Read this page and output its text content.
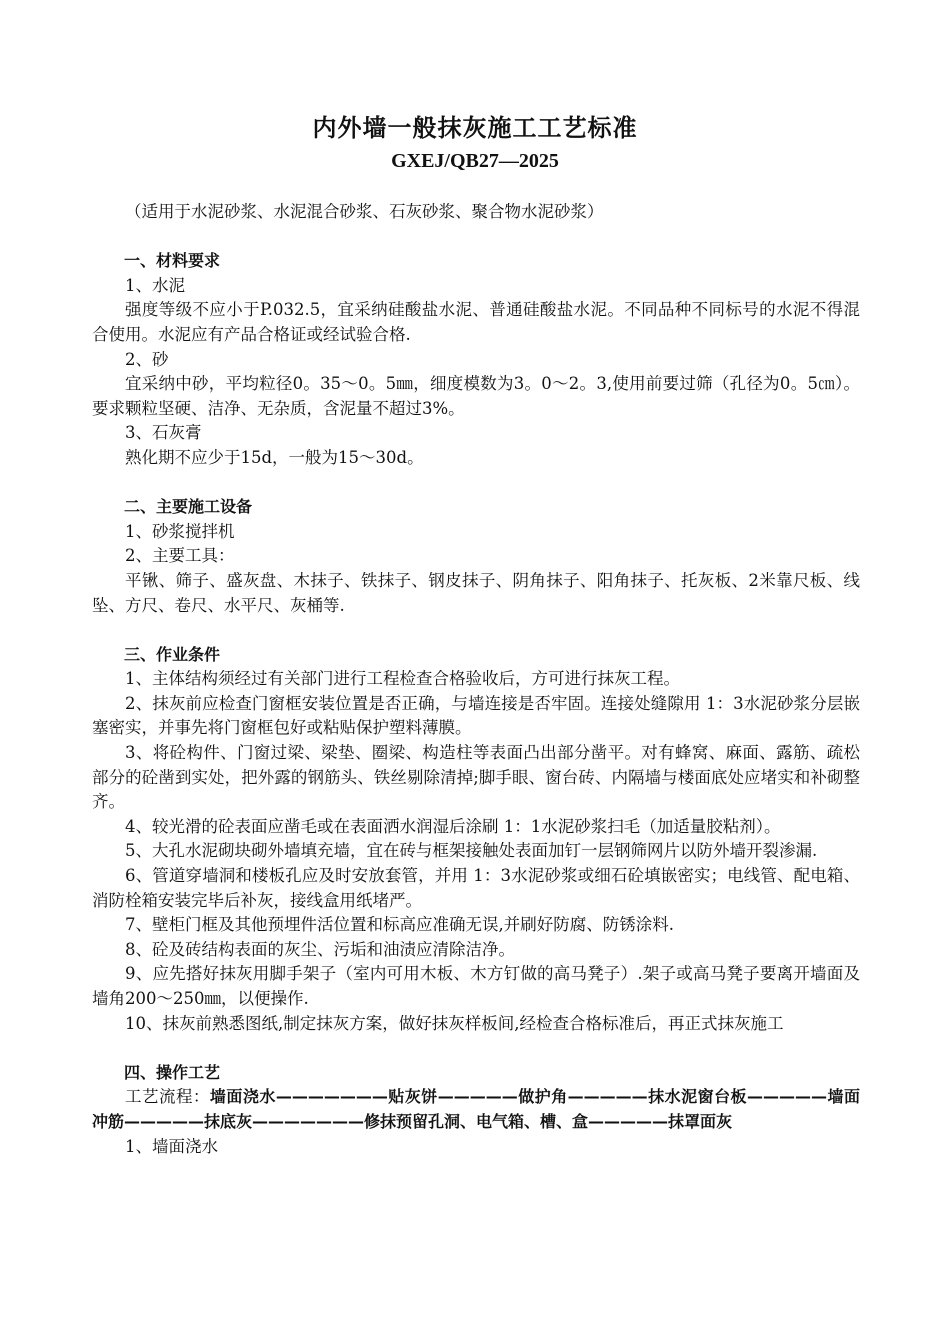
内外墙一般抹灰施工工艺标准
GXEJ/QB27—2025

（适用于水泥砂浆、水泥混合砂浆、石灰砂浆、聚合物水泥砂浆）

一、材料要求

1、水泥

强度等级不应小于P.032.5，宜采纳硅酸盐水泥、普通硅酸盐水泥。不同品种不同标号的水泥不得混合使用。水泥应有产品合格证或经试验合格.

2、砂

宜采纳中砂，平均粒径0。35～0。5㎜，细度模数为3。0～2。3,使用前要过筛（孔径为0。5㎝）。要求颗粒坚硬、洁净、无杂质，含泥量不超过3%。

3、石灰膏

熟化期不应少于15d，一般为15～30d。

二、主要施工设备

1、砂浆搅拌机

2、主要工具：

平锹、筛子、盛灰盘、木抹子、铁抹子、钢皮抹子、阴角抹子、阳角抹子、托灰板、2米靠尺板、线坠、方尺、卷尺、水平尺、灰桶等.

三、作业条件

1、主体结构须经过有关部门进行工程检查合格验收后，方可进行抹灰工程。

2、抹灰前应检查门窗框安装位置是否正确，与墙连接是否牢固。连接处缝隙用 1：3水泥砂浆分层嵌塞密实，并事先将门窗框包好或粘贴保护塑料薄膜。

3、将砼构件、门窗过梁、梁垫、圈梁、构造柱等表面凸出部分凿平。对有蜂窝、麻面、露筋、疏松部分的砼凿到实处，把外露的钢筋头、铁丝剔除清掉;脚手眼、窗台砖、内隔墙与楼面底处应堵实和补砌整齐。

4、较光滑的砼表面应凿毛或在表面洒水润湿后涂刷 1：1水泥砂浆扫毛（加适量胶粘剂）。

5、大孔水泥砌块砌外墙填充墙，宜在砖与框架接触处表面加钉一层钢筛网片以防外墙开裂渗漏.

6、管道穿墙洞和楼板孔应及时安放套管，并用 1：3水泥砂浆或细石砼填嵌密实；电线管、配电箱、消防栓箱安装完毕后补灰，接线盒用纸堵严。

7、壁柜门框及其他预埋件活位置和标高应准确无误,并刷好防腐、防锈涂料.

8、砼及砖结构表面的灰尘、污垢和油渍应清除洁净。

9、应先搭好抹灰用脚手架子（室内可用木板、木方钉做的高马凳子）.架子或高马凳子要离开墙面及墙角200～250㎜，以便操作.

10、抹灰前熟悉图纸,制定抹灰方案，做好抹灰样板间,经检查合格标准后，再正式抹灰施工

四、操作工艺

工艺流程：墙面浇水———————贴灰饼—————做护角—————抹水泥窗台板—————墙面冲筋—————抹底灰———————修抹预留孔洞、电气箱、槽、盒—————抹罩面灰

1、墙面浇水
